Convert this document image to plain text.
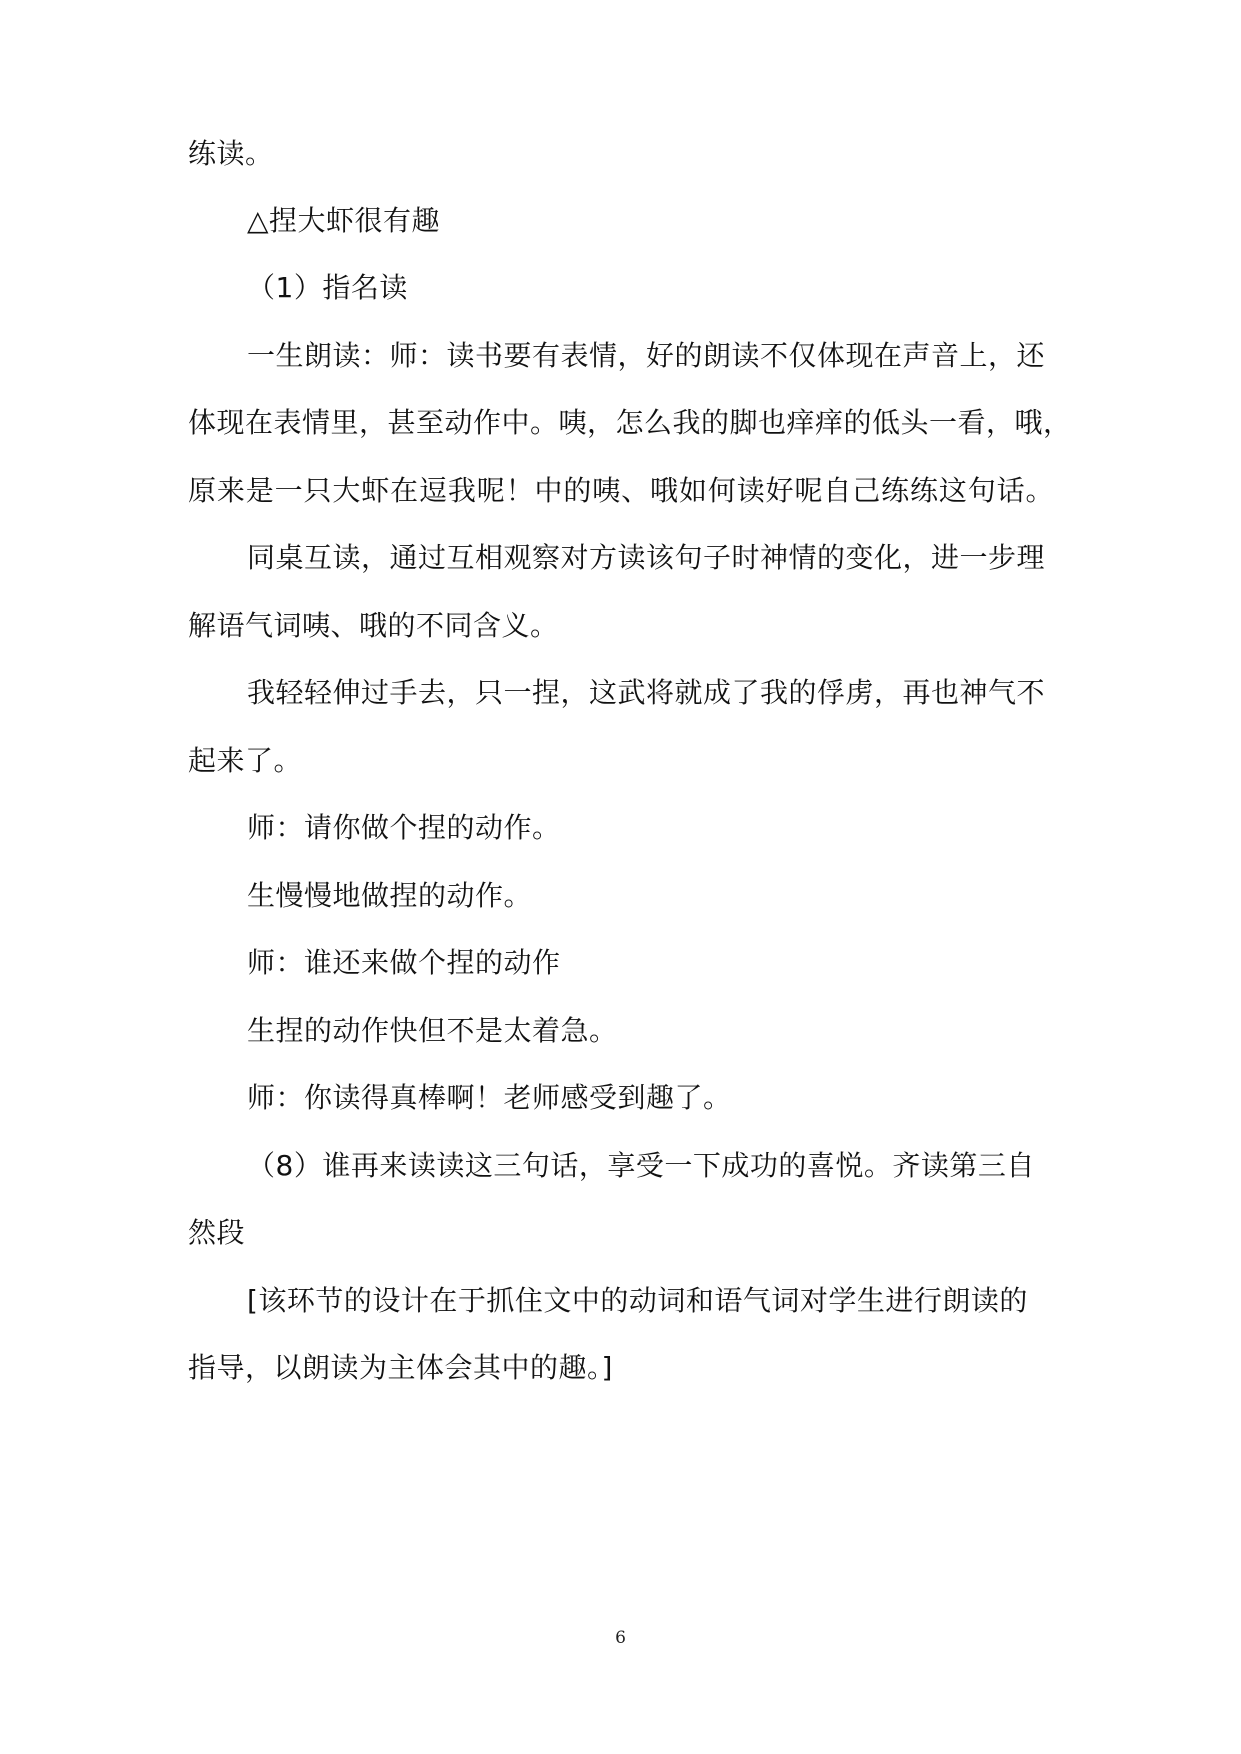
练读。
△捏大虾很有趣
（1）指名读
一生朗读：师：读书要有表情，好的朗读不仅体现在声音上，还
体现在表情里，甚至动作中。咦，怎么我的脚也痒痒的低头一看，哦，
原来是一只大虾在逗我呢！中的咦、哦如何读好呢自己练练这句话。
同桌互读，通过互相观察对方读该句子时神情的变化，进一步理
解语气词咦、哦的不同含义。
我轻轻伸过手去，只一捏，这武将就成了我的俘虏，再也神气不
起来了。
师：请你做个捏的动作。
生慢慢地做捏的动作。
师：谁还来做个捏的动作
生捏的动作快但不是太着急。
师：你读得真棒啊！老师感受到趣了。
（8）谁再来读读这三句话，享受一下成功的喜悦。齐读第三自
然段
[该环节的设计在于抓住文中的动词和语气词对学生进行朗读的
指导，以朗读为主体会其中的趣。]
6
